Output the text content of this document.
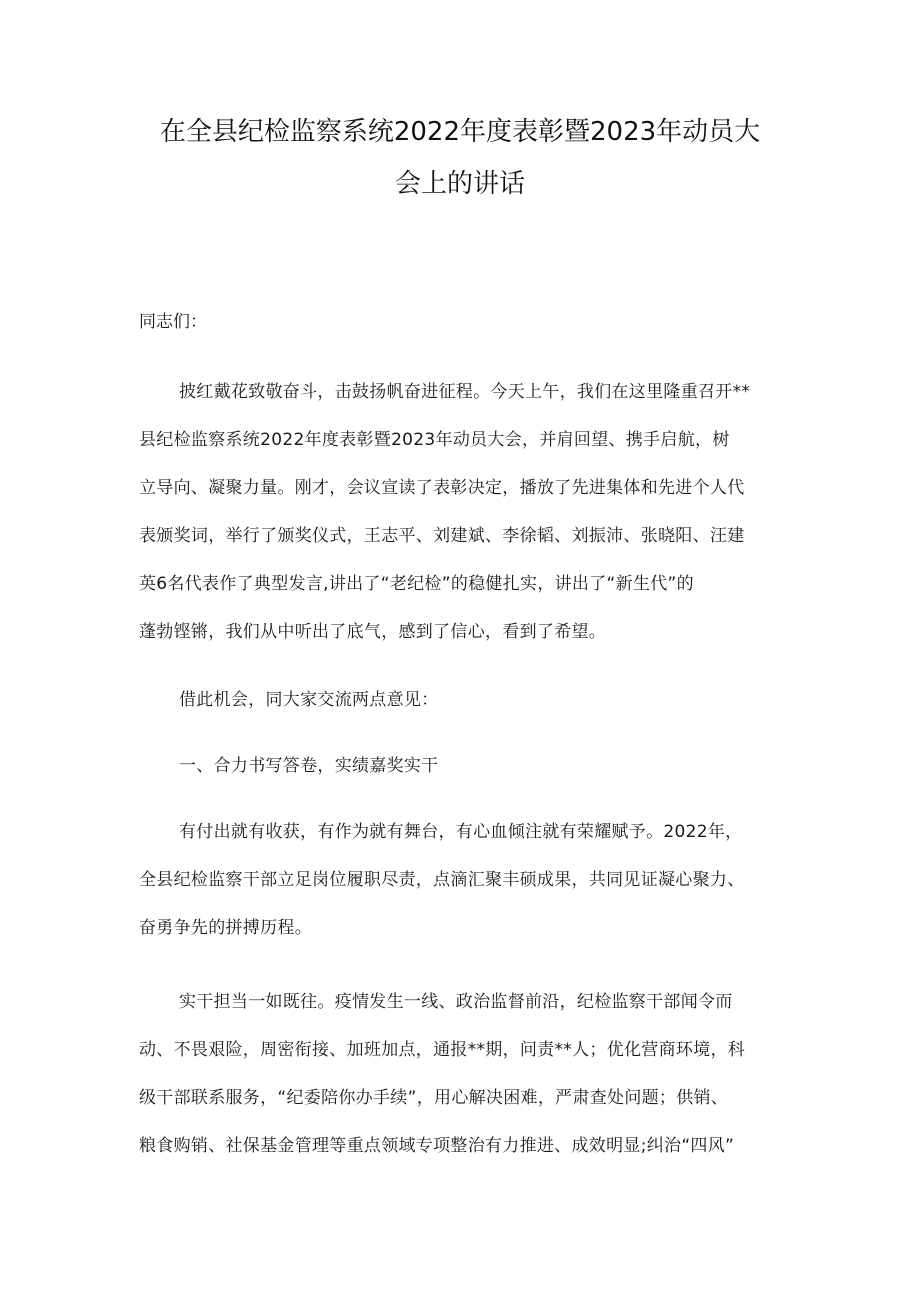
在全县纪检监察系统2022年度表彰暨2023年动员大
会上的讲话
同志们：
披红戴花致敬奋斗，击鼓扬帆奋进征程。今天上午，我们在这里隆重召开**
县纪检监察系统2022年度表彰暨2023年动员大会，并肩回望、携手启航，树
立导向、凝聚力量。刚才，会议宣读了表彰决定，播放了先进集体和先进个人代
表颁奖词，举行了颁奖仪式，王志平、刘建斌、李徐韬、刘振沛、张晓阳、汪建
英6名代表作了典型发言,讲出了“老纪检”的稳健扎实，讲出了“新生代”的
蓬勃铿锵，我们从中听出了底气，感到了信心，看到了希望。
借此机会，同大家交流两点意见：
一、合力书写答卷，实绩嘉奖实干
有付出就有收获，有作为就有舞台，有心血倾注就有荣耀赋予。2022年，
全县纪检监察干部立足岗位履职尽责，点滴汇聚丰硕成果，共同见证凝心聚力、
奋勇争先的拼搏历程。
实干担当一如既往。疫情发生一线、政治监督前沿，纪检监察干部闻令而
动、不畏艰险，周密衔接、加班加点，通报**期，问责**人；优化营商环境，科
级干部联系服务，“纪委陪你办手续”，用心解决困难，严肃查处问题；供销、
粮食购销、社保基金管理等重点领域专项整治有力推进、成效明显;纠治“四风”
